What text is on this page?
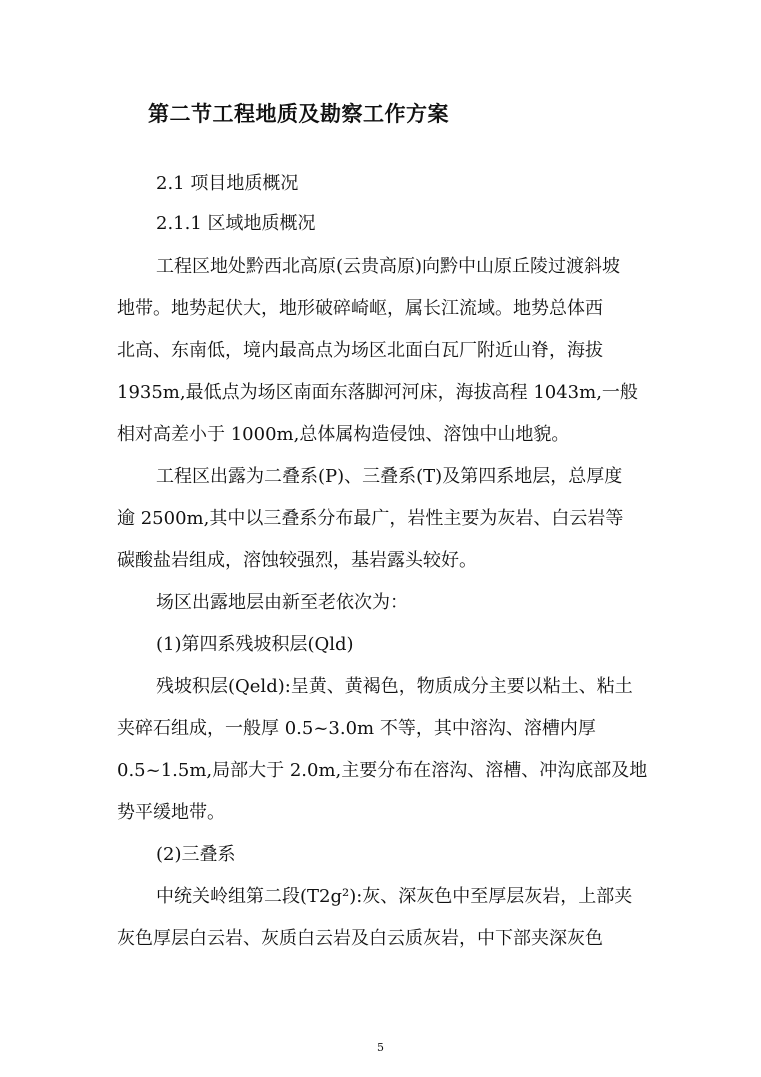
第二节工程地质及勘察工作方案
2.1 项目地质概况
2.1.1 区域地质概况
工程区地处黔西北高原(云贵高原)向黔中山原丘陵过渡斜坡
地带。地势起伏大，地形破碎崎岖，属长江流域。地势总体西
北高、东南低，境内最高点为场区北面白瓦厂附近山脊，海拔
1935m,最低点为场区南面东落脚河河床，海拔高程 1043m,一般
相对高差小于 1000m,总体属构造侵蚀、溶蚀中山地貌。
工程区出露为二叠系(P)、三叠系(T)及第四系地层，总厚度
逾 2500m,其中以三叠系分布最广，岩性主要为灰岩、白云岩等
碳酸盐岩组成，溶蚀较强烈，基岩露头较好。
场区出露地层由新至老依次为：
(1)第四系残坡积层(Qld)
残坡积层(Qeld):呈黄、黄褐色，物质成分主要以粘土、粘土
夹碎石组成，一般厚 0.5~3.0m 不等，其中溶沟、溶槽内厚
0.5~1.5m,局部大于 2.0m,主要分布在溶沟、溶槽、冲沟底部及地
势平缓地带。
(2)三叠系
中统关岭组第二段(T2g²):灰、深灰色中至厚层灰岩，上部夹
灰色厚层白云岩、灰质白云岩及白云质灰岩，中下部夹深灰色
5
